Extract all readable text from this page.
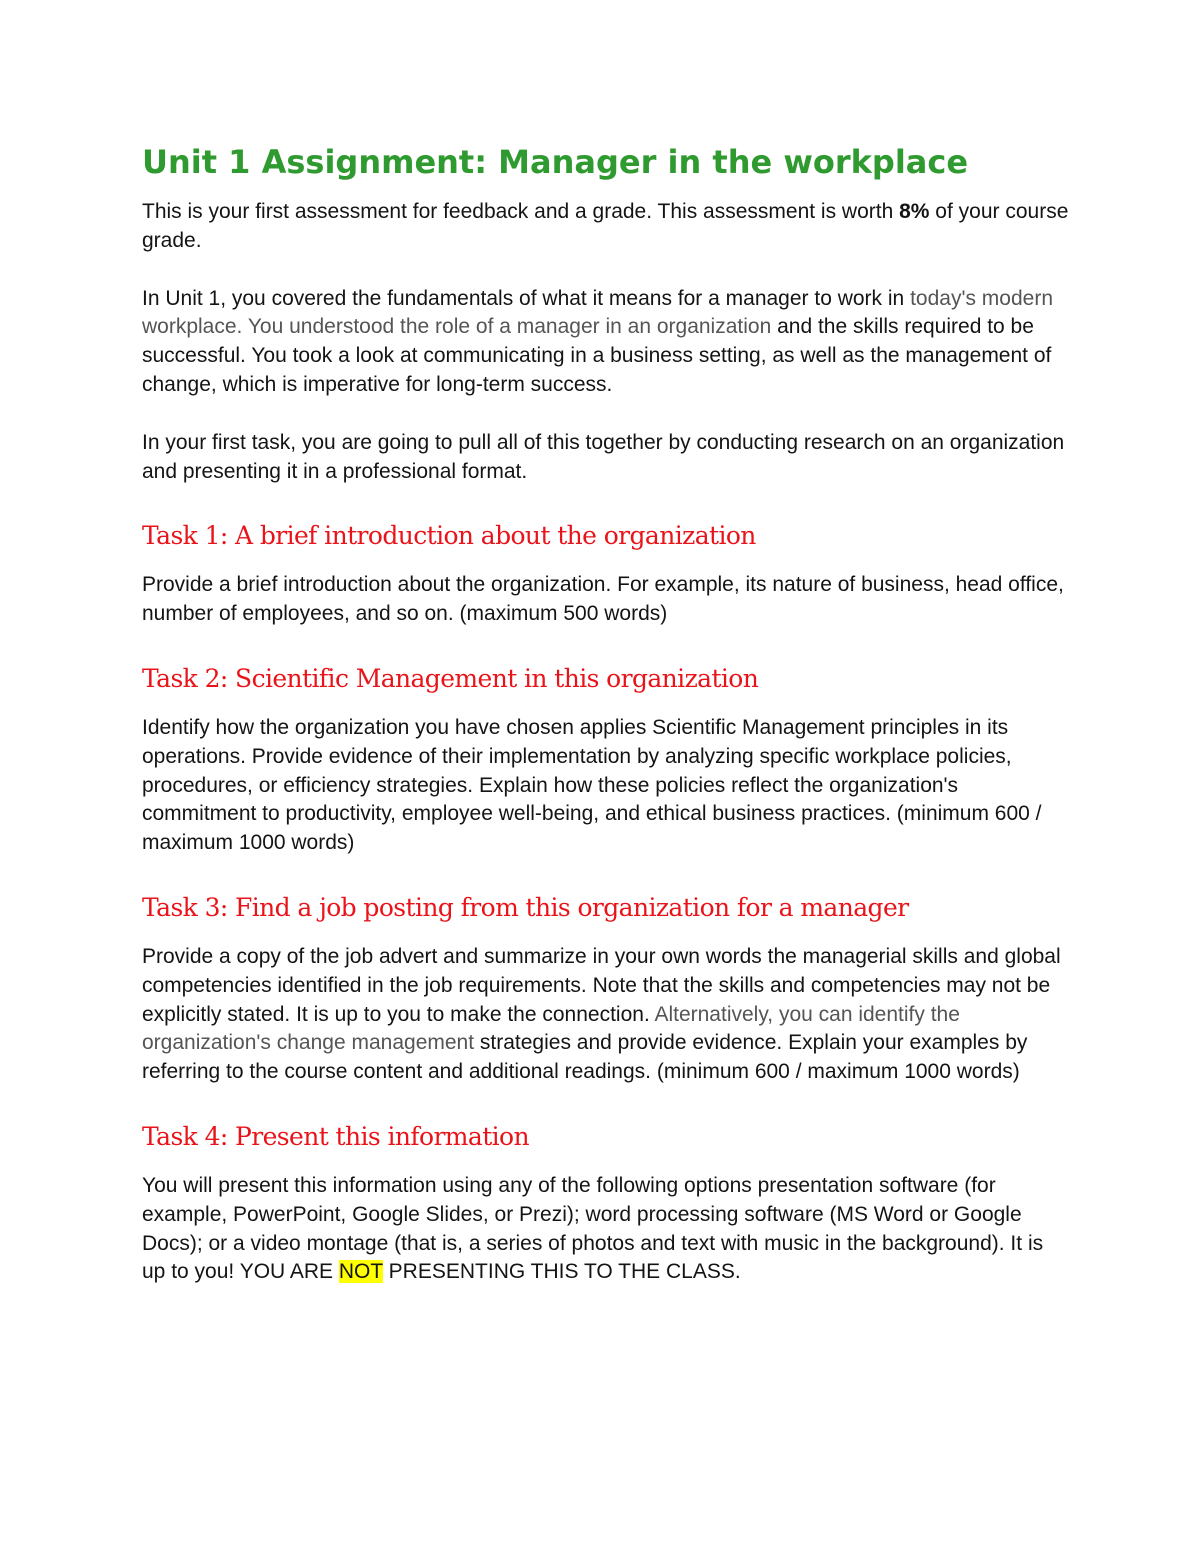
Unit 1 Assignment: Manager in the workplace

This is your first assessment for feedback and a grade. This assessment is worth 8% of your course grade.

In Unit 1, you covered the fundamentals of what it means for a manager to work in today's modern workplace. You understood the role of a manager in an organization and the skills required to be successful. You took a look at communicating in a business setting, as well as the management of change, which is imperative for long-term success.

In your first task, you are going to pull all of this together by conducting research on an organization and presenting it in a professional format.

Task 1: A brief introduction about the organization

Provide a brief introduction about the organization. For example, its nature of business, head office, number of employees, and so on. (maximum 500 words)

Task 2: Scientific Management in this organization

Identify how the organization you have chosen applies Scientific Management principles in its operations. Provide evidence of their implementation by analyzing specific workplace policies, procedures, or efficiency strategies. Explain how these policies reflect the organization's commitment to productivity, employee well-being, and ethical business practices. (minimum 600 / maximum 1000 words)

Task 3: Find a job posting from this organization for a manager

Provide a copy of the job advert and summarize in your own words the managerial skills and global competencies identified in the job requirements. Note that the skills and competencies may not be explicitly stated. It is up to you to make the connection. Alternatively, you can identify the organization's change management strategies and provide evidence. Explain your examples by referring to the course content and additional readings. (minimum 600 / maximum 1000 words)

Task 4: Present this information

You will present this information using any of the following options presentation software (for example, PowerPoint, Google Slides, or Prezi); word processing software (MS Word or Google Docs); or a video montage (that is, a series of photos and text with music in the background). It is up to you! YOU ARE NOT PRESENTING THIS TO THE CLASS.
